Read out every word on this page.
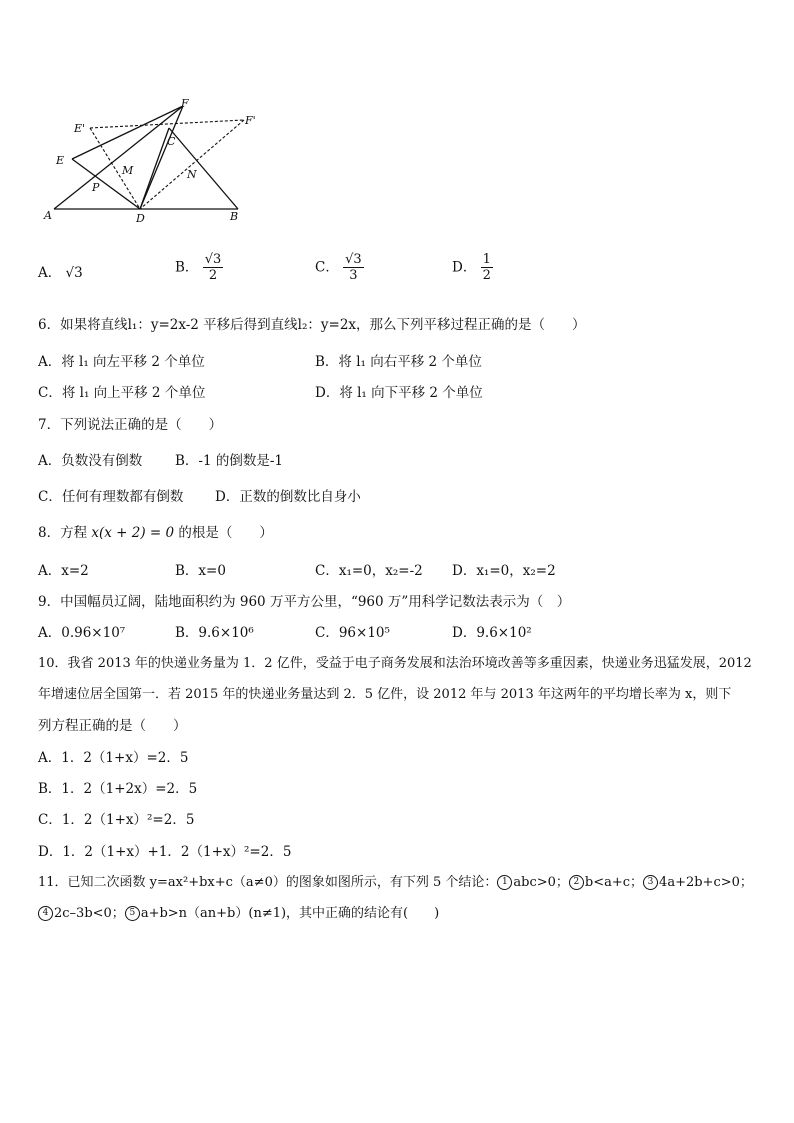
F
E'
F'
E
C
M	N
P
A	D	B
A． √3	B． $\frac{√3}{2}$	C． $\frac{√3}{3}$	D． $\frac{1}{2}$
6．如果将直线l₁：y=2x-2 平移后得到直线l₂：y=2x，那么下列平移过程正确的是（　　）
A．将 l₁ 向左平移 2 个单位	B．将 l₁ 向右平移 2 个单位
C．将 l₁ 向上平移 2 个单位	D．将 l₁ 向下平移 2 个单位
7．下列说法正确的是（　　）
A．负数没有倒数 B．-1 的倒数是-1
C．任何有理数都有倒数 D．正数的倒数比自身小
8．方程 x(x + 2) = 0 的根是（　　）
A．x=2	B．x=0	C．x₁=0，x₂=-2 D．x₁=0，x₂=2
9．中国幅员辽阔，陆地面积约为 960 万平方公里，“960 万”用科学记数法表示为（　）
A．0.96×10⁷	B．9.6×10⁶	C．96×10⁵	D．9.6×10²
10．我省 2013 年的快递业务量为 1．2 亿件，受益于电子商务发展和法治环境改善等多重因素，快递业务迅猛发展，2012
年增速位居全国第一．若 2015 年的快递业务量达到 2．5 亿件，设 2012 年与 2013 年这两年的平均增长率为 x，则下
列方程正确的是（　　）
A．1．2（1+x）=2．5
B．1．2（1+2x）=2．5
C．1．2（1+x）²=2．5
D．1．2（1+x）+1．2（1+x）²=2．5
11．已知二次函数 y=ax²+bx+c（a≠0）的图象如图所示，有下列 5 个结论： 1 abc>0； 2 b<a+c； 3 4a+2b+c>0；
4 2c–3b<0； 5 a+b>n（an+b）(n≠1)，其中正确的结论有(　　)
